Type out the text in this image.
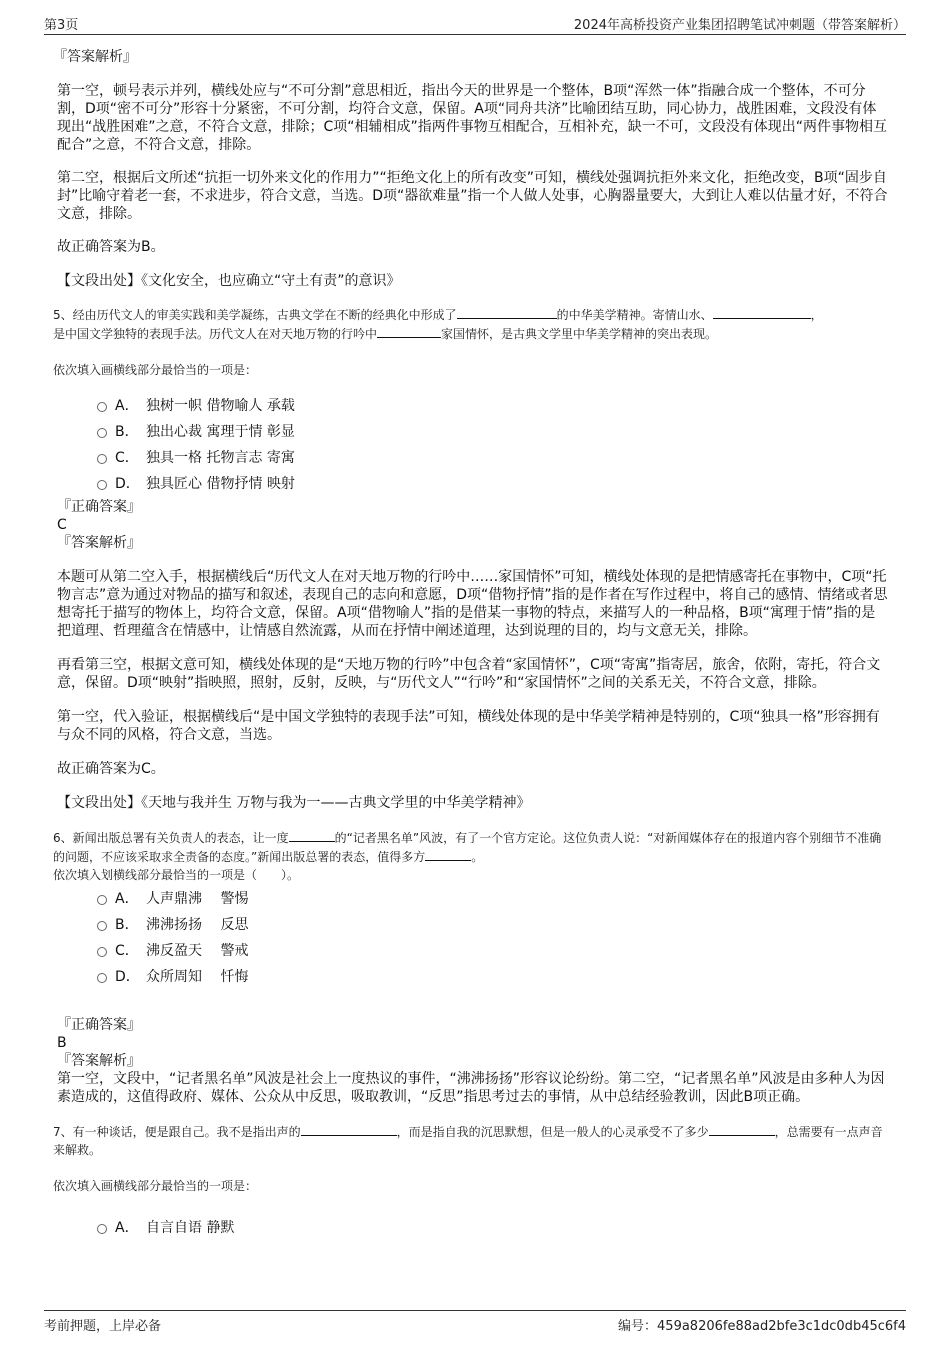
第3页	2024年高桥投资产业集团招聘笔试冲刺题（带答案解析）

『答案解析』

第一空，顿号表示并列，横线处应与“不可分割”意思相近，指出今天的世界是一个整体，B项“浑然一体”指融合成一个整体，不可分割，D项“密不可分”形容十分紧密，不可分割，均符合文意，保留。A项“同舟共济”比喻团结互助，同心协力，战胜困难，文段没有体现出“战胜困难”之意，不符合文意，排除；C项“相辅相成”指两件事物互相配合，互相补充，缺一不可，文段没有体现出“两件事物相互配合”之意，不符合文意，排除。

第二空，根据后文所述“抗拒一切外来文化的作用力”“拒绝文化上的所有改变”可知，横线处强调抗拒外来文化，拒绝改变，B项“固步自封”比喻守着老一套，不求进步，符合文意，当选。D项“器欲难量”指一个人做人处事，心胸器量要大，大到让人难以估量才好，不符合文意，排除。

故正确答案为B。

【文段出处】《文化安全，也应确立“守土有责”的意识》

5、经由历代文人的审美实践和美学凝练，古典文学在不断的经典化中形成了	的中华美学精神。寄情山水、	，
是中国文学独特的表现手法。历代文人在对天地万物的行吟中	家国情怀，是古典文学里中华美学精神的突出表现。

依次填入画横线部分最恰当的一项是：

A． 独树一帜 借物喻人 承载
B． 独出心裁 寓理于情 彰显
C． 独具一格 托物言志 寄寓
D． 独具匠心 借物抒情 映射

『正确答案』

C

『答案解析』

本题可从第二空入手，根据横线后“历代文人在对天地万物的行吟中……家国情怀”可知，横线处体现的是把情感寄托在事物中，C项“托物言志”意为通过对物品的描写和叙述，表现自己的志向和意愿，D项“借物抒情”指的是作者在写作过程中，将自己的感情、情绪或者思想寄托于描写的物体上，均符合文意，保留。A项“借物喻人”指的是借某一事物的特点，来描写人的一种品格，B项“寓理于情”指的是把道理、哲理蕴含在情感中，让情感自然流露，从而在抒情中阐述道理，达到说理的目的，均与文意无关，排除。

再看第三空，根据文意可知，横线处体现的是“天地万物的行吟”中包含着“家国情怀”，C项“寄寓”指寄居，旅舍，依附，寄托，符合文意，保留。D项“映射”指映照，照射，反射，反映，与“历代文人”“行吟”和“家国情怀”之间的关系无关，不符合文意，排除。

第一空，代入验证，根据横线后“是中国文学独特的表现手法”可知，横线处体现的是中华美学精神是特别的，C项“独具一格”形容拥有与众不同的风格，符合文意，当选。

故正确答案为C。

【文段出处】《天地与我并生 万物与我为一——古典文学里的中华美学精神》

6、新闻出版总署有关负责人的表态，让一度	的“记者黑名单”风波，有了一个官方定论。这位负责人说：“对新闻媒体存在的报道内容个别细节不准确的问题，不应该采取求全责备的态度。”新闻出版总署的表态，值得多方	。

依次填入划横线部分最恰当的一项是（　　）。

A． 人声鼎沸　 警惕
B． 沸沸扬扬　 反思
C． 沸反盈天　 警戒
D． 众所周知　 忏悔

『正确答案』

B

『答案解析』

第一空，文段中，“记者黑名单”风波是社会上一度热议的事件，“沸沸扬扬”形容议论纷纷。第二空，“记者黑名单”风波是由多种人为因素造成的，这值得政府、媒体、公众从中反思，吸取教训，“反思”指思考过去的事情，从中总结经验教训，因此B项正确。

7、有一种谈话，便是跟自己。我不是指出声的	，而是指自我的沉思默想，但是一般人的心灵承受不了多少	，总需要有一点声音来解救。

依次填入画横线部分最恰当的一项是：

A． 自言自语 静默
考前押题，上岸必备	编号：459a8206fe88ad2bfe3c1dc0db45c6f4
